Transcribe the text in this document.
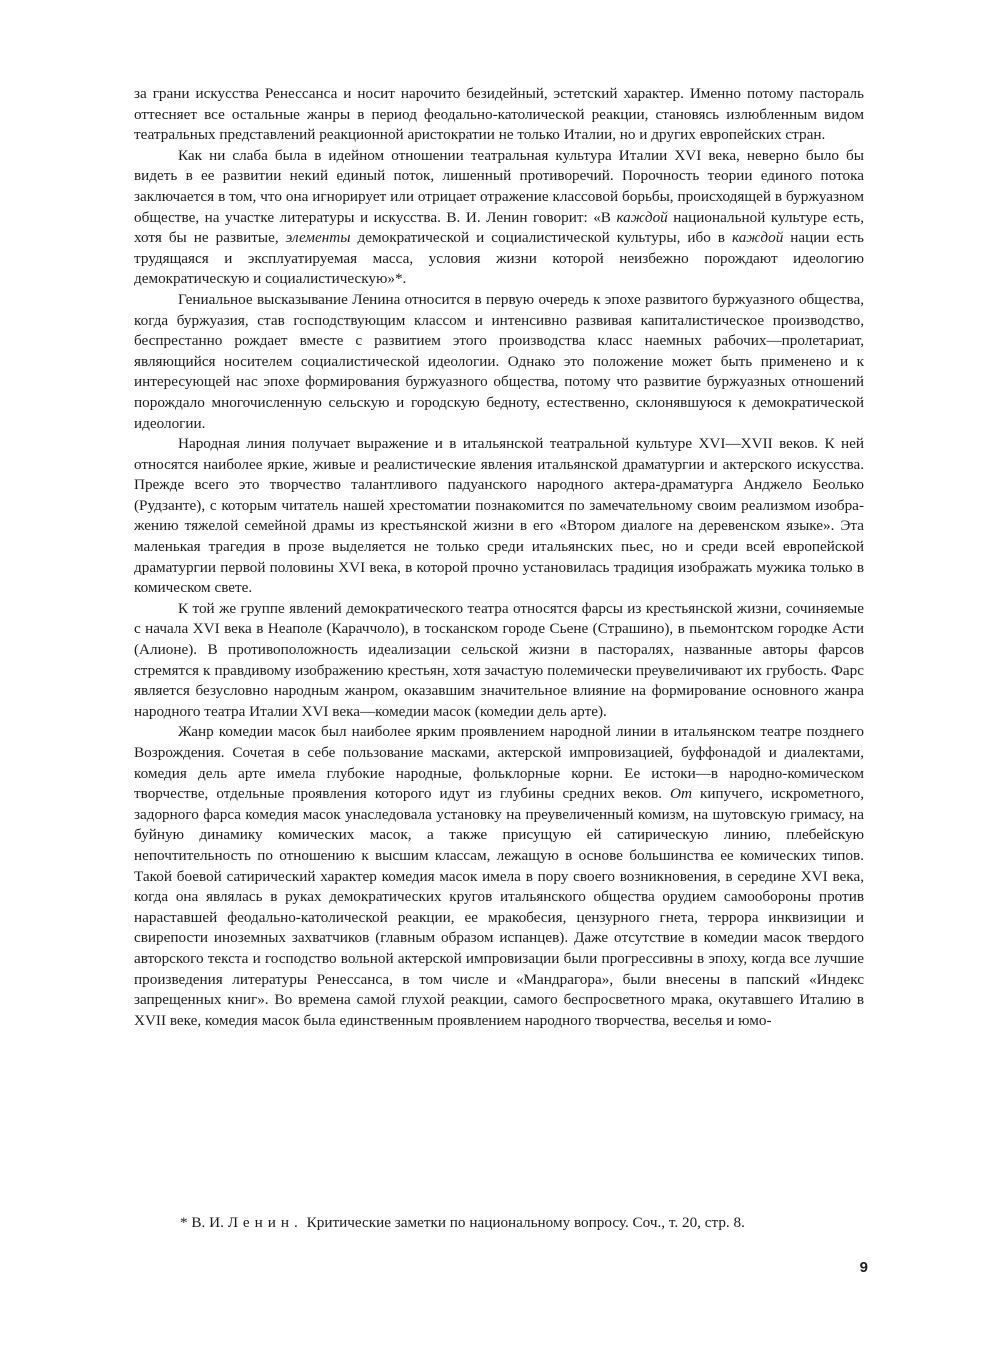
за грани искусства Ренессанса и носит нарочито безидейный, эстетский характер. Именно потому пастораль оттесняет все остальные жанры в период феодально-католической реакции, становясь излюбленным видом театральных представлений реакционной аристократии не только Италии, но и других европейских стран.

Как ни слаба была в идейном отношении театральная культура Италии XVI века, неверно было бы видеть в ее развитии некий единый поток, лишенный противоречий. Порочность теории единого потока заключается в том, что она игнорирует или отрицает отражение классовой борьбы, происходящей в буржуазном обществе, на участке литературы и искусства. В. И. Ленин говорит: «В каждой национальной культуре есть, хотя бы не развитые, элементы демократической и социалистической культуры, ибо в каждой нации есть трудящаяся и эксплуатируемая масса, условия жизни которой неизбежно порождают идеологию демократическую и социалистическую»*.

Гениальное высказывание Ленина относится в первую очередь к эпохе развитого буржуазного общества, когда буржуазия, став господствующим классом и интенсивно развивая капиталистическое производство, беспрестанно рождает вместе с развитием этого производства класс наемных рабочих—пролетариат, являющийся носителем социалистической идеологии. Однако это положение может быть применено и к интересующей нас эпохе формирования буржуазного общества, потому что развитие буржуазных отношений порождало многочисленную сельскую и городскую бедноту, естественно, склонявшуюся к демократической идеологии.

Народная линия получает выражение и в итальянской театральной культуре XVI—XVII веков. К ней относятся наиболее яркие, живые и реалистические явления итальянской драматургии и актерского искусства. Прежде всего это творчество талантливого падуанского народного актера-драматурга Анджело Беолько (Рудзанте), с которым читатель нашей хрестоматии познакомится по замечательному своим реализмом изображению тяжелой семейной драмы из крестьянской жизни в его «Втором диалоге на деревенском языке». Эта маленькая трагедия в прозе выделяется не только среди итальянских пьес, но и среди всей европейской драматургии первой половины XVI века, в которой прочно установилась традиция изображать мужика только в комическом свете.

К той же группе явлений демократического театра относятся фарсы из крестьянской жизни, сочиняемые с начала XVI века в Неаполе (Караччоло), в тосканском городе Сьене (Страшино), в пьемонтском городке Асти (Алионе). В противоположность идеализации сельской жизни в пасторалях, названные авторы фарсов стремятся к правдивому изображению крестьян, хотя зачастую полемически преувеличивают их грубость. Фарс является безусловно народным жанром, оказавшим значительное влияние на формирование основного жанра народного театра Италии XVI века—комедии масок (комедии дель арте).

Жанр комедии масок был наиболее ярким проявлением народной линии в итальянском театре позднего Возрождения. Сочетая в себе пользование масками, актерской импровизацией, буффонадой и диалектами, комедия дель арте имела глубокие народные, фольклорные корни. Ее истоки—в народно-комическом творчестве, отдельные проявления которого идут из глубины средних веков. От кипучего, искрометного, задорного фарса комедия масок унаследовала установку на преувеличенный комизм, на шутовскую гримасу, на буйную динамику комических масок, а также присущую ей сатирическую линию, плебейскую непочтительность по отношению к высшим классам, лежащую в основе большинства ее комических типов. Такой боевой сатирический характер комедия масок имела в пору своего возникновения, в середине XVI века, когда она являлась в руках демократических кругов итальянского общества орудием самообороны против нараставшей феодально-католической реакции, ее мракобесия, цензурного гнета, террора инквизиции и свирепости иноземных захватчиков (главным образом испанцев). Даже отсутствие в комедии масок твердого авторского текста и господство вольной актерской импровизации были прогрессивны в эпоху, когда все лучшие произведения литературы Ренессанса, в том числе и «Мандрагора», были внесены в папский «Индекс запрещенных книг». Во времена самой глухой реакции, самого беспросветного мрака, окутавшего Италию в XVII веке, комедия масок была единственным проявлением народного творчества, веселья и юмо-

* В. И. Ленин. Критические заметки по национальному вопросу. Соч., т. 20, стр. 8.

9
